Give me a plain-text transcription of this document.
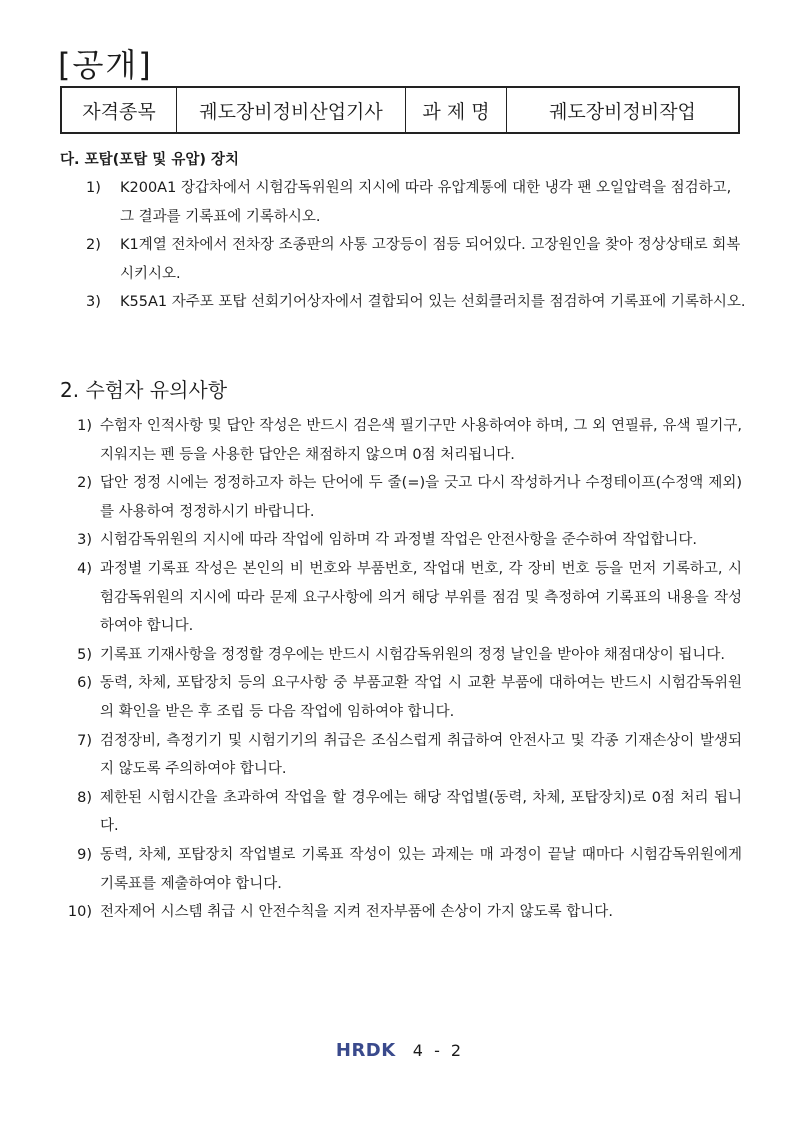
[공개]
자격종목	궤도장비정비산업기사	과 제 명	궤도장비정비작업
다. 포탑(포탑 및 유압) 장치
1)	K200A1 장갑차에서 시험감독위원의 지시에 따라 유압계통에 대한 냉각 팬 오일압력을 점검하고, 그 결과를 기록표에 기록하시오.
2)	K1계열 전차에서 전차장 조종판의 사통 고장등이 점등 되어있다. 고장원인을 찾아 정상상태로 회복시키시오.
3)	K55A1 자주포 포탑 선회기어상자에서 결합되어 있는 선회클러치를 점검하여 기록표에 기록하시오.
2. 수험자 유의사항
1) 수험자 인적사항 및 답안 작성은 반드시 검은색 필기구만 사용하여야 하며, 그 외 연필류, 유색 필기구, 지워지는 펜 등을 사용한 답안은 채점하지 않으며 0점 처리됩니다.
2) 답안 정정 시에는 정정하고자 하는 단어에 두 줄(=)을 긋고 다시 작성하거나 수정테이프(수정액 제외)를 사용하여 정정하시기 바랍니다.
3) 시험감독위원의 지시에 따라 작업에 임하며 각 과정별 작업은 안전사항을 준수하여 작업합니다.
4) 과정별 기록표 작성은 본인의 비 번호와 부품번호, 작업대 번호, 각 장비 번호 등을 먼저 기록하고, 시험감독위원의 지시에 따라 문제 요구사항에 의거 해당 부위를 점검 및 측정하여 기록표의 내용을 작성하여야 합니다.
5) 기록표 기재사항을 정정할 경우에는 반드시 시험감독위원의 정정 날인을 받아야 채점대상이 됩니다.
6) 동력, 차체, 포탑장치 등의 요구사항 중 부품교환 작업 시 교환 부품에 대하여는 반드시 시험감독위원의 확인을 받은 후 조립 등 다음 작업에 임하여야 합니다.
7) 검정장비, 측정기기 및 시험기기의 취급은 조심스럽게 취급하여 안전사고 및 각종 기재손상이 발생되지 않도록 주의하여야 합니다.
8) 제한된 시험시간을 초과하여 작업을 할 경우에는 해당 작업별(동력, 차체, 포탑장치)로 0점 처리 됩니다.
9) 동력, 차체, 포탑장치 작업별로 기록표 작성이 있는 과제는 매 과정이 끝날 때마다 시험감독위원에게 기록표를 제출하여야 합니다.
10) 전자제어 시스템 취급 시 안전수칙을 지켜 전자부품에 손상이 가지 않도록 합니다.
HRDK 4 - 2
